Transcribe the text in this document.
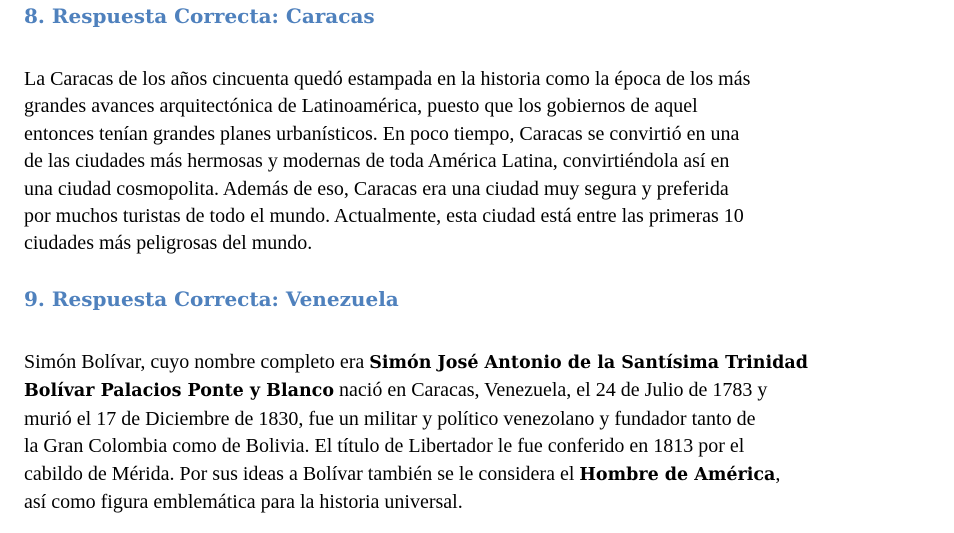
8. Respuesta Correcta: Caracas

La Caracas de los años cincuenta quedó estampada en la historia como la época de los más
grandes avances arquitectónica de Latinoamérica, puesto que los gobiernos de aquel
entonces tenían grandes planes urbanísticos. En poco tiempo, Caracas se convirtió en una
de las ciudades más hermosas y modernas de toda América Latina, convirtiéndola así en
una ciudad cosmopolita. Además de eso, Caracas era una ciudad muy segura y preferida
por muchos turistas de todo el mundo. Actualmente, esta ciudad está entre las primeras 10
ciudades más peligrosas del mundo.

9. Respuesta Correcta: Venezuela

Simón Bolívar, cuyo nombre completo era Simón José Antonio de la Santísima Trinidad
Bolívar Palacios Ponte y Blanco nació en Caracas, Venezuela, el 24 de Julio de 1783 y
murió el 17 de Diciembre de 1830, fue un militar y político venezolano y fundador tanto de
la Gran Colombia como de Bolivia. El título de Libertador le fue conferido en 1813 por el
cabildo de Mérida. Por sus ideas a Bolívar también se le considera el Hombre de América,
así como figura emblemática para la historia universal.
